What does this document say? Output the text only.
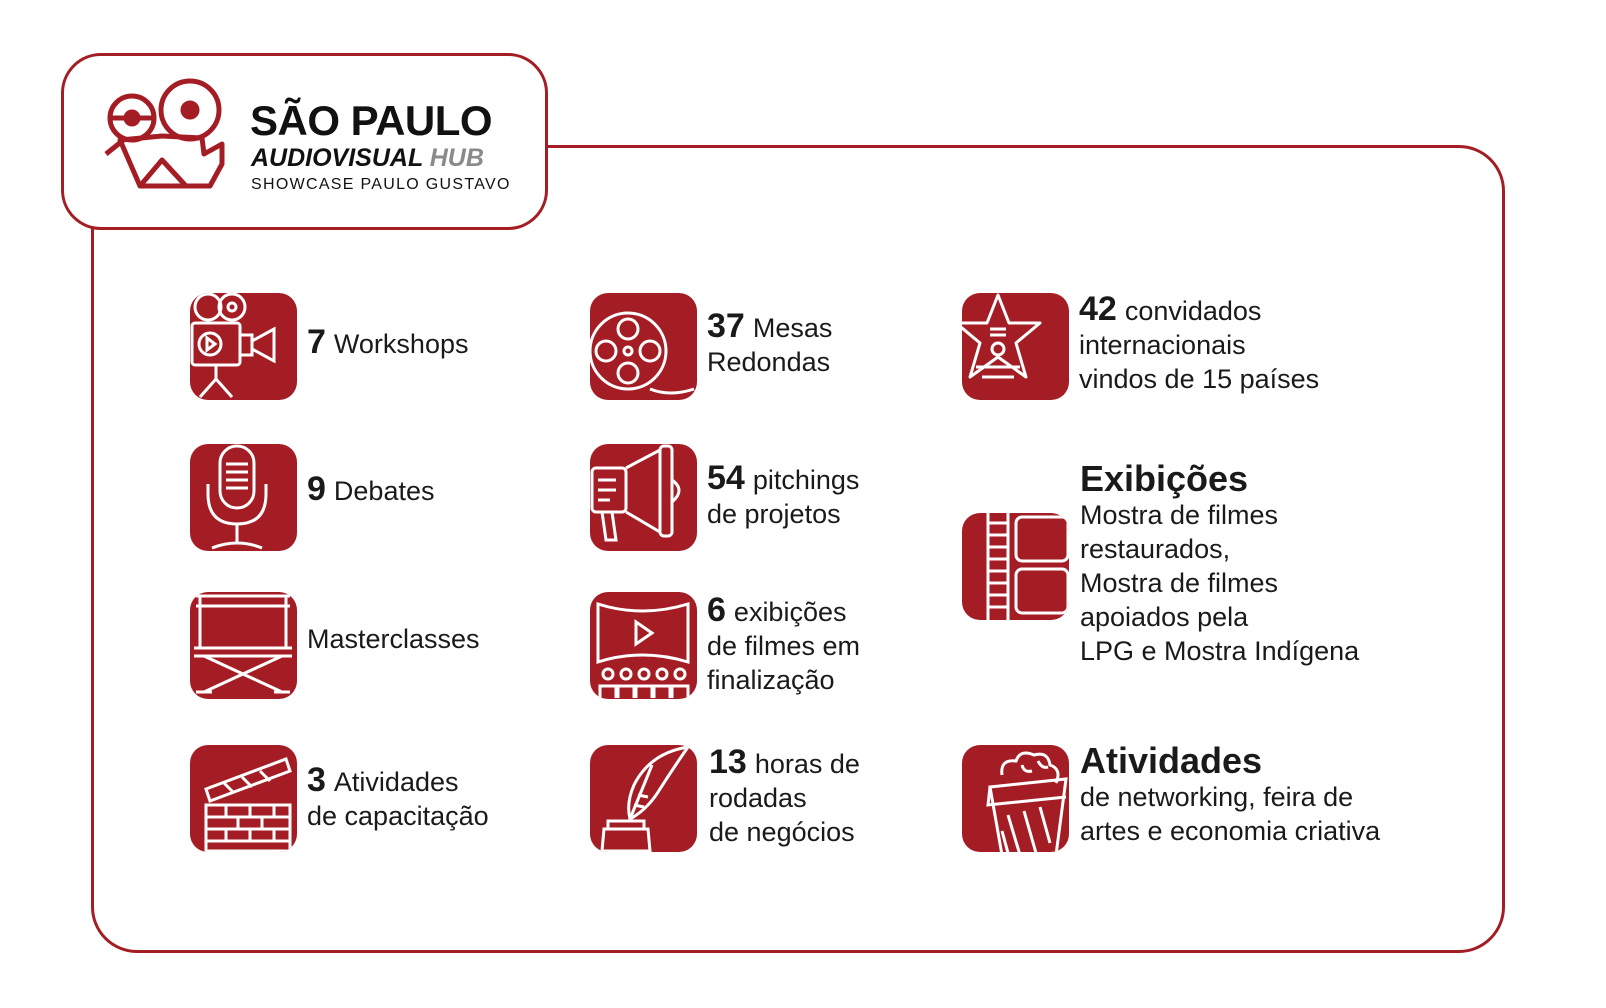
SÃO PAULO
AUDIOVISUAL HUB
SHOWCASE PAULO GUSTAVO
7 Workshops
9 Debates
Masterclasses
3 Atividades
de capacitação
37 Mesas
Redondas
54 pitchings
de projetos
6 exibições
de filmes em
finalização
13 horas de
rodadas
de negócios
42 convidados
internacionais
vindos de 15 países
Exibições
Mostra de filmes
restaurados,
Mostra de filmes
apoiados pela
LPG e Mostra Indígena
Atividades
de networking, feira de
artes e economia criativa
